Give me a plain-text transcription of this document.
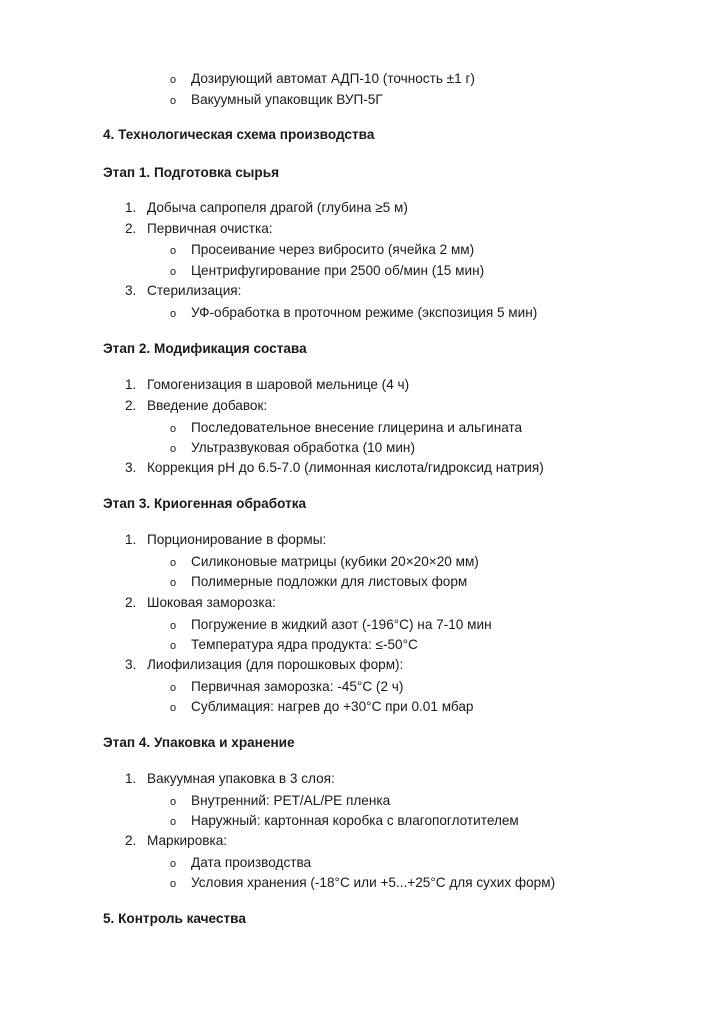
o Дозирующий автомат АДП-10 (точность ±1 г)
o Вакуумный упаковщик ВУП-5Г
4. Технологическая схема производства
Этап 1. Подготовка сырья
1. Добыча сапропеля драгой (глубина ≥5 м)
2. Первичная очистка:
o Просеивание через вибросито (ячейка 2 мм)
o Центрифугирование при 2500 об/мин (15 мин)
3. Стерилизация:
o УФ-обработка в проточном режиме (экспозиция 5 мин)
Этап 2. Модификация состава
1. Гомогенизация в шаровой мельнице (4 ч)
2. Введение добавок:
o Последовательное внесение глицерина и альгината
o Ультразвуковая обработка (10 мин)
3. Коррекция pH до 6.5-7.0 (лимонная кислота/гидроксид натрия)
Этап 3. Криогенная обработка
1. Порционирование в формы:
o Силиконовые матрицы (кубики 20×20×20 мм)
o Полимерные подложки для листовых форм
2. Шоковая заморозка:
o Погружение в жидкий азот (-196°C) на 7-10 мин
o Температура ядра продукта: ≤-50°C
3. Лиофилизация (для порошковых форм):
o Первичная заморозка: -45°C (2 ч)
o Сублимация: нагрев до +30°C при 0.01 мбар
Этап 4. Упаковка и хранение
1. Вакуумная упаковка в 3 слоя:
o Внутренний: PET/AL/PE пленка
o Наружный: картонная коробка с влагопоглотителем
2. Маркировка:
o Дата производства
o Условия хранения (-18°C или +5...+25°C для сухих форм)
5. Контроль качества
